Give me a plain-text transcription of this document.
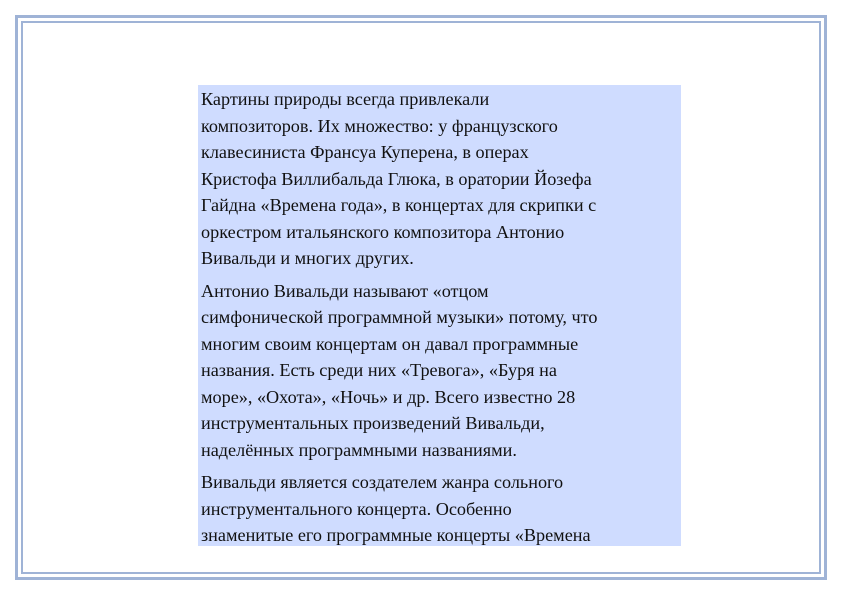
Картины природы всегда привлекали
композиторов. Их множество: у французского
клавесиниста Франсуа Куперена, в операх
Кристофа Виллибальда Глюка, в оратории Йозефа
Гайдна «Времена года», в концертах для скрипки с
оркестром итальянского композитора Антонио
Вивальди и многих других.

Антонио Вивальди называют «отцом
симфонической программной музыки» потому, что
многим своим концертам он давал программные
названия. Есть среди них «Тревога», «Буря на
море», «Охота», «Ночь» и др. Всего известно 28
инструментальных произведений Вивальди,
наделённых программными названиями.

Вивальди является создателем жанра сольного
инструментального концерта. Особенно
знаменитые его программные концерты «Времена
